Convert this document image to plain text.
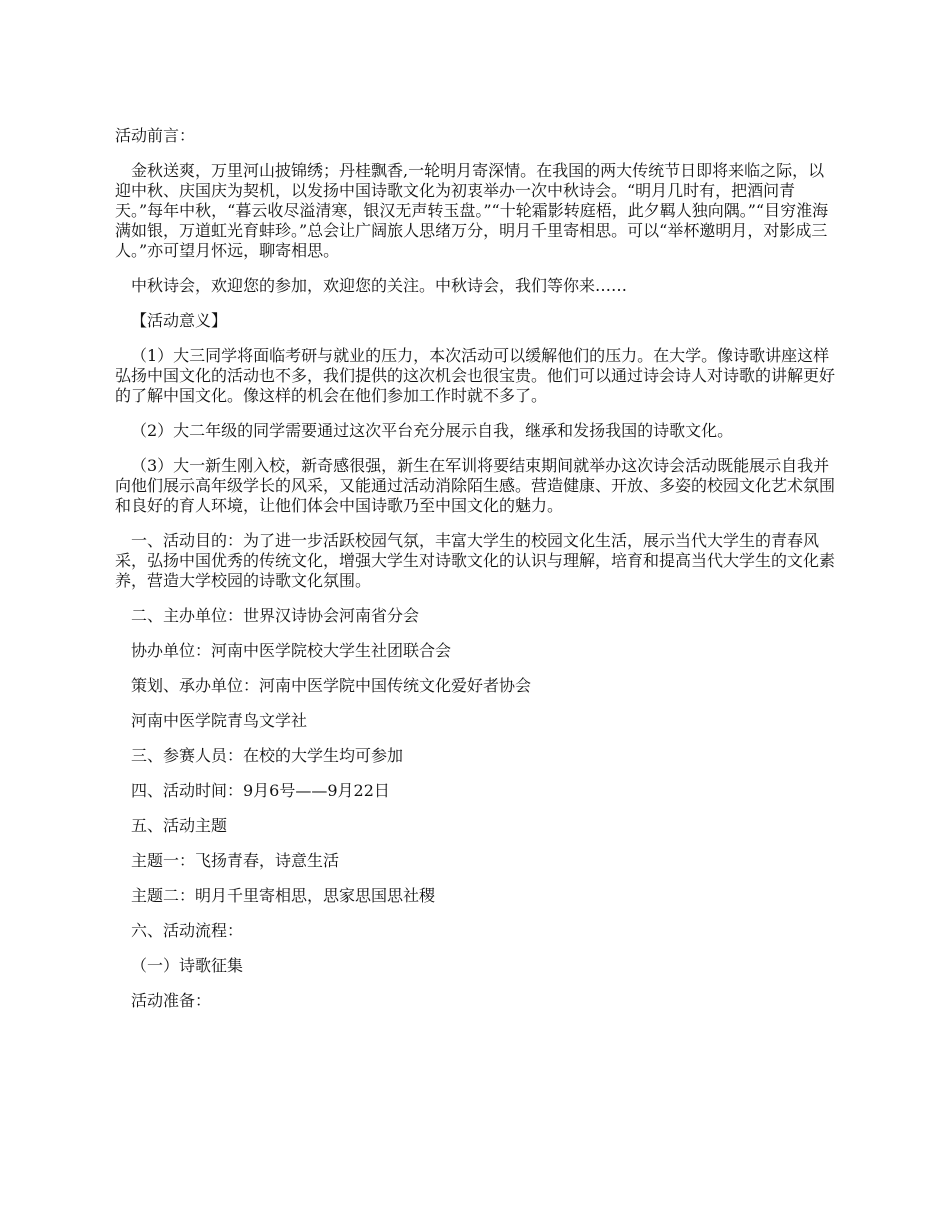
活动前言：

金秋送爽，万里河山披锦绣；丹桂飘香,一轮明月寄深情。在我国的两大传统节日即将来临之际，以迎中秋、庆国庆为契机，以发扬中国诗歌文化为初衷举办一次中秋诗会。“明月几时有，把酒问青天。”每年中秋，“暮云收尽溢清寒，银汉无声转玉盘。”“十轮霜影转庭梧，此夕羁人独向隅。”“目穷淮海满如银，万道虹光育蚌珍。”总会让广阔旅人思绪万分，明月千里寄相思。可以“举杯邀明月，对影成三人。”亦可望月怀远，聊寄相思。

中秋诗会，欢迎您的参加，欢迎您的关注。中秋诗会，我们等你来……

【活动意义】

（1）大三同学将面临考研与就业的压力，本次活动可以缓解他们的压力。在大学。像诗歌讲座这样弘扬中国文化的活动也不多，我们提供的这次机会也很宝贵。他们可以通过诗会诗人对诗歌的讲解更好的了解中国文化。像这样的机会在他们参加工作时就不多了。

（2）大二年级的同学需要通过这次平台充分展示自我，继承和发扬我国的诗歌文化。

（3）大一新生刚入校，新奇感很强，新生在军训将要结束期间就举办这次诗会活动既能展示自我并向他们展示高年级学长的风采，又能通过活动消除陌生感。营造健康、开放、多姿的校园文化艺术氛围和良好的育人环境，让他们体会中国诗歌乃至中国文化的魅力。

一、活动目的：为了进一步活跃校园气氛，丰富大学生的校园文化生活，展示当代大学生的青春风采，弘扬中国优秀的传统文化，增强大学生对诗歌文化的认识与理解，培育和提高当代大学生的文化素养，营造大学校园的诗歌文化氛围。

二、主办单位：世界汉诗协会河南省分会

协办单位：河南中医学院校大学生社团联合会

策划、承办单位：河南中医学院中国传统文化爱好者协会

河南中医学院青鸟文学社

三、参赛人员：在校的大学生均可参加

四、活动时间：9月6号——9月22日

五、活动主题

主题一：飞扬青春，诗意生活

主题二：明月千里寄相思，思家思国思社稷

六、活动流程：

（一）诗歌征集

活动准备：
